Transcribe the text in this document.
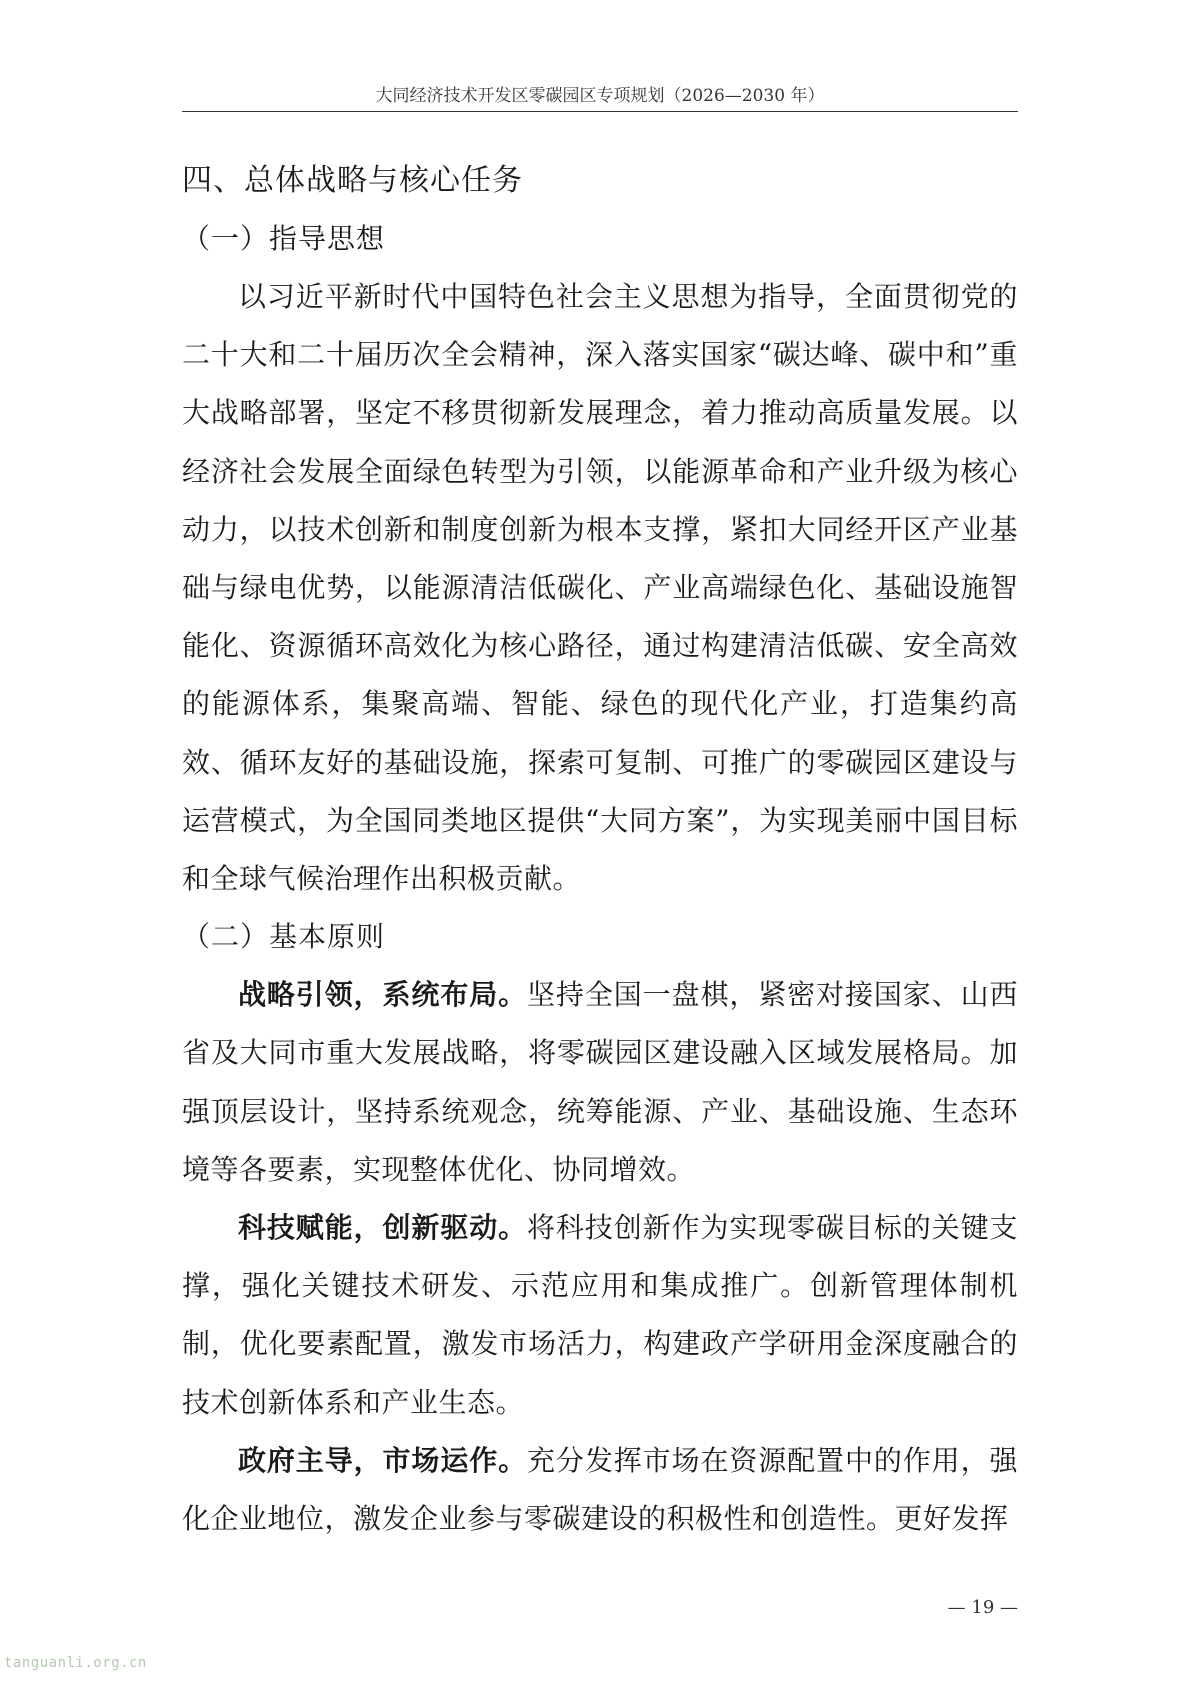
大同经济技术开发区零碳园区专项规划（2026—2030 年）
四、总体战略与核心任务
（一）指导思想

以习近平新时代中国特色社会主义思想为指导，全面贯彻党的二十大和二十届历次全会精神，深入落实国家“碳达峰、碳中和”重大战略部署，坚定不移贯彻新发展理念，着力推动高质量发展。以经济社会发展全面绿色转型为引领，以能源革命和产业升级为核心动力，以技术创新和制度创新为根本支撑，紧扣大同经开区产业基础与绿电优势，以能源清洁低碳化、产业高端绿色化、基础设施智能化、资源循环高效化为核心路径，通过构建清洁低碳、安全高效的能源体系，集聚高端、智能、绿色的现代化产业，打造集约高效、循环友好的基础设施，探索可复制、可推广的零碳园区建设与运营模式，为全国同类地区提供“大同方案”，为实现美丽中国目标和全球气候治理作出积极贡献。

（二）基本原则

战略引领，系统布局。坚持全国一盘棋，紧密对接国家、山西省及大同市重大发展战略，将零碳园区建设融入区域发展格局。加强顶层设计，坚持系统观念，统筹能源、产业、基础设施、生态环境等各要素，实现整体优化、协同增效。

科技赋能，创新驱动。将科技创新作为实现零碳目标的关键支撑，强化关键技术研发、示范应用和集成推广。创新管理体制机制，优化要素配置，激发市场活力，构建政产学研用金深度融合的技术创新体系和产业生态。

政府主导，市场运作。充分发挥市场在资源配置中的作用，强化企业地位，激发企业参与零碳建设的积极性和创造性。更好发挥

— 19 —
tanguanli.org.cn
